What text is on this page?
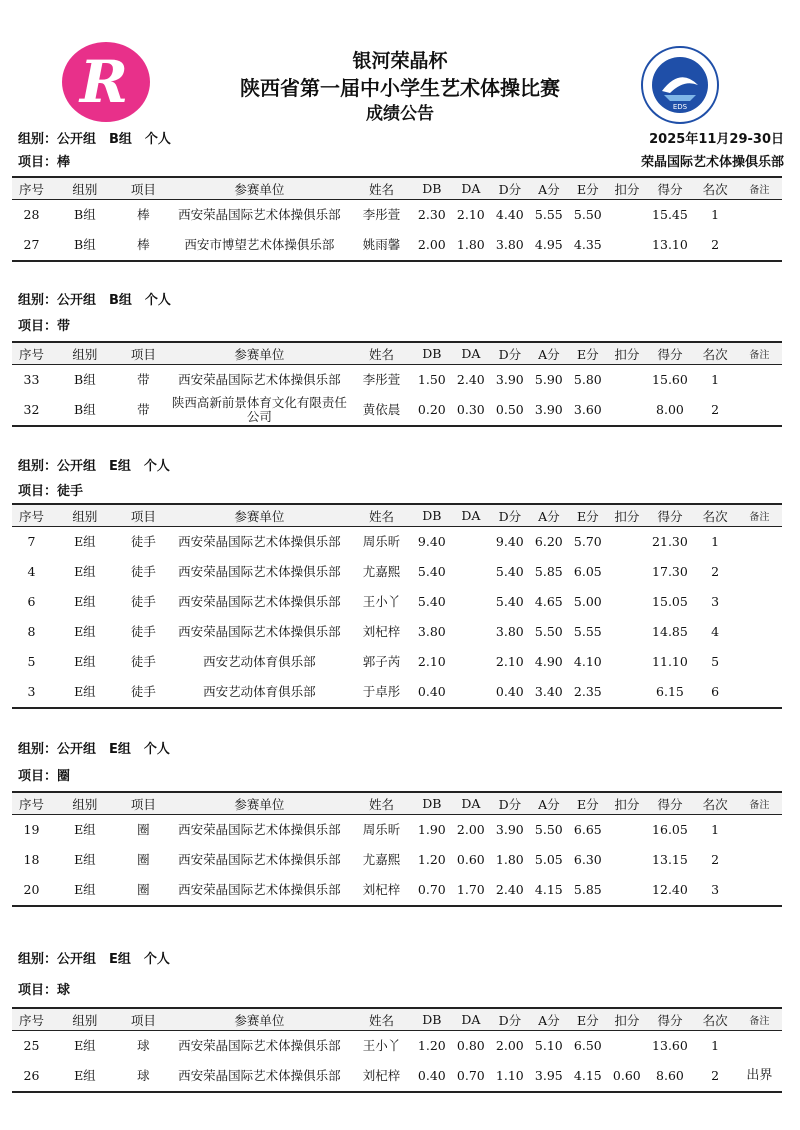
R	EDS
银河荣晶杯
陕西省第一届中小学生艺术体操比赛
成绩公告
组别：公开组　B组　个人	2025年11月29-30日
项目：棒	荣晶国际艺术体操俱乐部
序号	组别	项目	参赛单位	姓名	DB	DA	D分	A分	E分	扣分	得分	名次	备注
28	B组	棒	西安荣晶国际艺术体操俱乐部	李彤萱	2.30	2.10	4.40	5.55	5.50		15.45	1	
27	B组	棒	西安市博望艺术体操俱乐部	姚雨馨	2.00	1.80	3.80	4.95	4.35		13.10	2	
组别：公开组　B组　个人
项目：带
序号	组别	项目	参赛单位	姓名	DB	DA	D分	A分	E分	扣分	得分	名次	备注
33	B组	带	西安荣晶国际艺术体操俱乐部	李彤萱	1.50	2.40	3.90	5.90	5.80		15.60	1	
32	B组	带	陕西高新前景体育文化有限责任公司	黄依晨	0.20	0.30	0.50	3.90	3.60		8.00	2	
组别：公开组　E组　个人
项目：徒手
序号	组别	项目	参赛单位	姓名	DB	DA	D分	A分	E分	扣分	得分	名次	备注
7	E组	徒手	西安荣晶国际艺术体操俱乐部	周乐昕	9.40		9.40	6.20	5.70		21.30	1	
4	E组	徒手	西安荣晶国际艺术体操俱乐部	尤嘉熙	5.40		5.40	5.85	6.05		17.30	2	
6	E组	徒手	西安荣晶国际艺术体操俱乐部	王小丫	5.40		5.40	4.65	5.00		15.05	3	
8	E组	徒手	西安荣晶国际艺术体操俱乐部	刘杞梓	3.80		3.80	5.50	5.55		14.85	4	
5	E组	徒手	西安艺动体育俱乐部	郭子芮	2.10		2.10	4.90	4.10		11.10	5	
3	E组	徒手	西安艺动体育俱乐部	于卓彤	0.40		0.40	3.40	2.35		6.15	6	
组别：公开组　E组　个人
项目：圈
序号	组别	项目	参赛单位	姓名	DB	DA	D分	A分	E分	扣分	得分	名次	备注
19	E组	圈	西安荣晶国际艺术体操俱乐部	周乐昕	1.90	2.00	3.90	5.50	6.65		16.05	1	
18	E组	圈	西安荣晶国际艺术体操俱乐部	尤嘉熙	1.20	0.60	1.80	5.05	6.30		13.15	2	
20	E组	圈	西安荣晶国际艺术体操俱乐部	刘杞梓	0.70	1.70	2.40	4.15	5.85		12.40	3	
组别：公开组　E组　个人
项目：球
序号	组别	项目	参赛单位	姓名	DB	DA	D分	A分	E分	扣分	得分	名次	备注
25	E组	球	西安荣晶国际艺术体操俱乐部	王小丫	1.20	0.80	2.00	5.10	6.50		13.60	1	
26	E组	球	西安荣晶国际艺术体操俱乐部	刘杞梓	0.40	0.70	1.10	3.95	4.15	0.60	8.60	2	出界
